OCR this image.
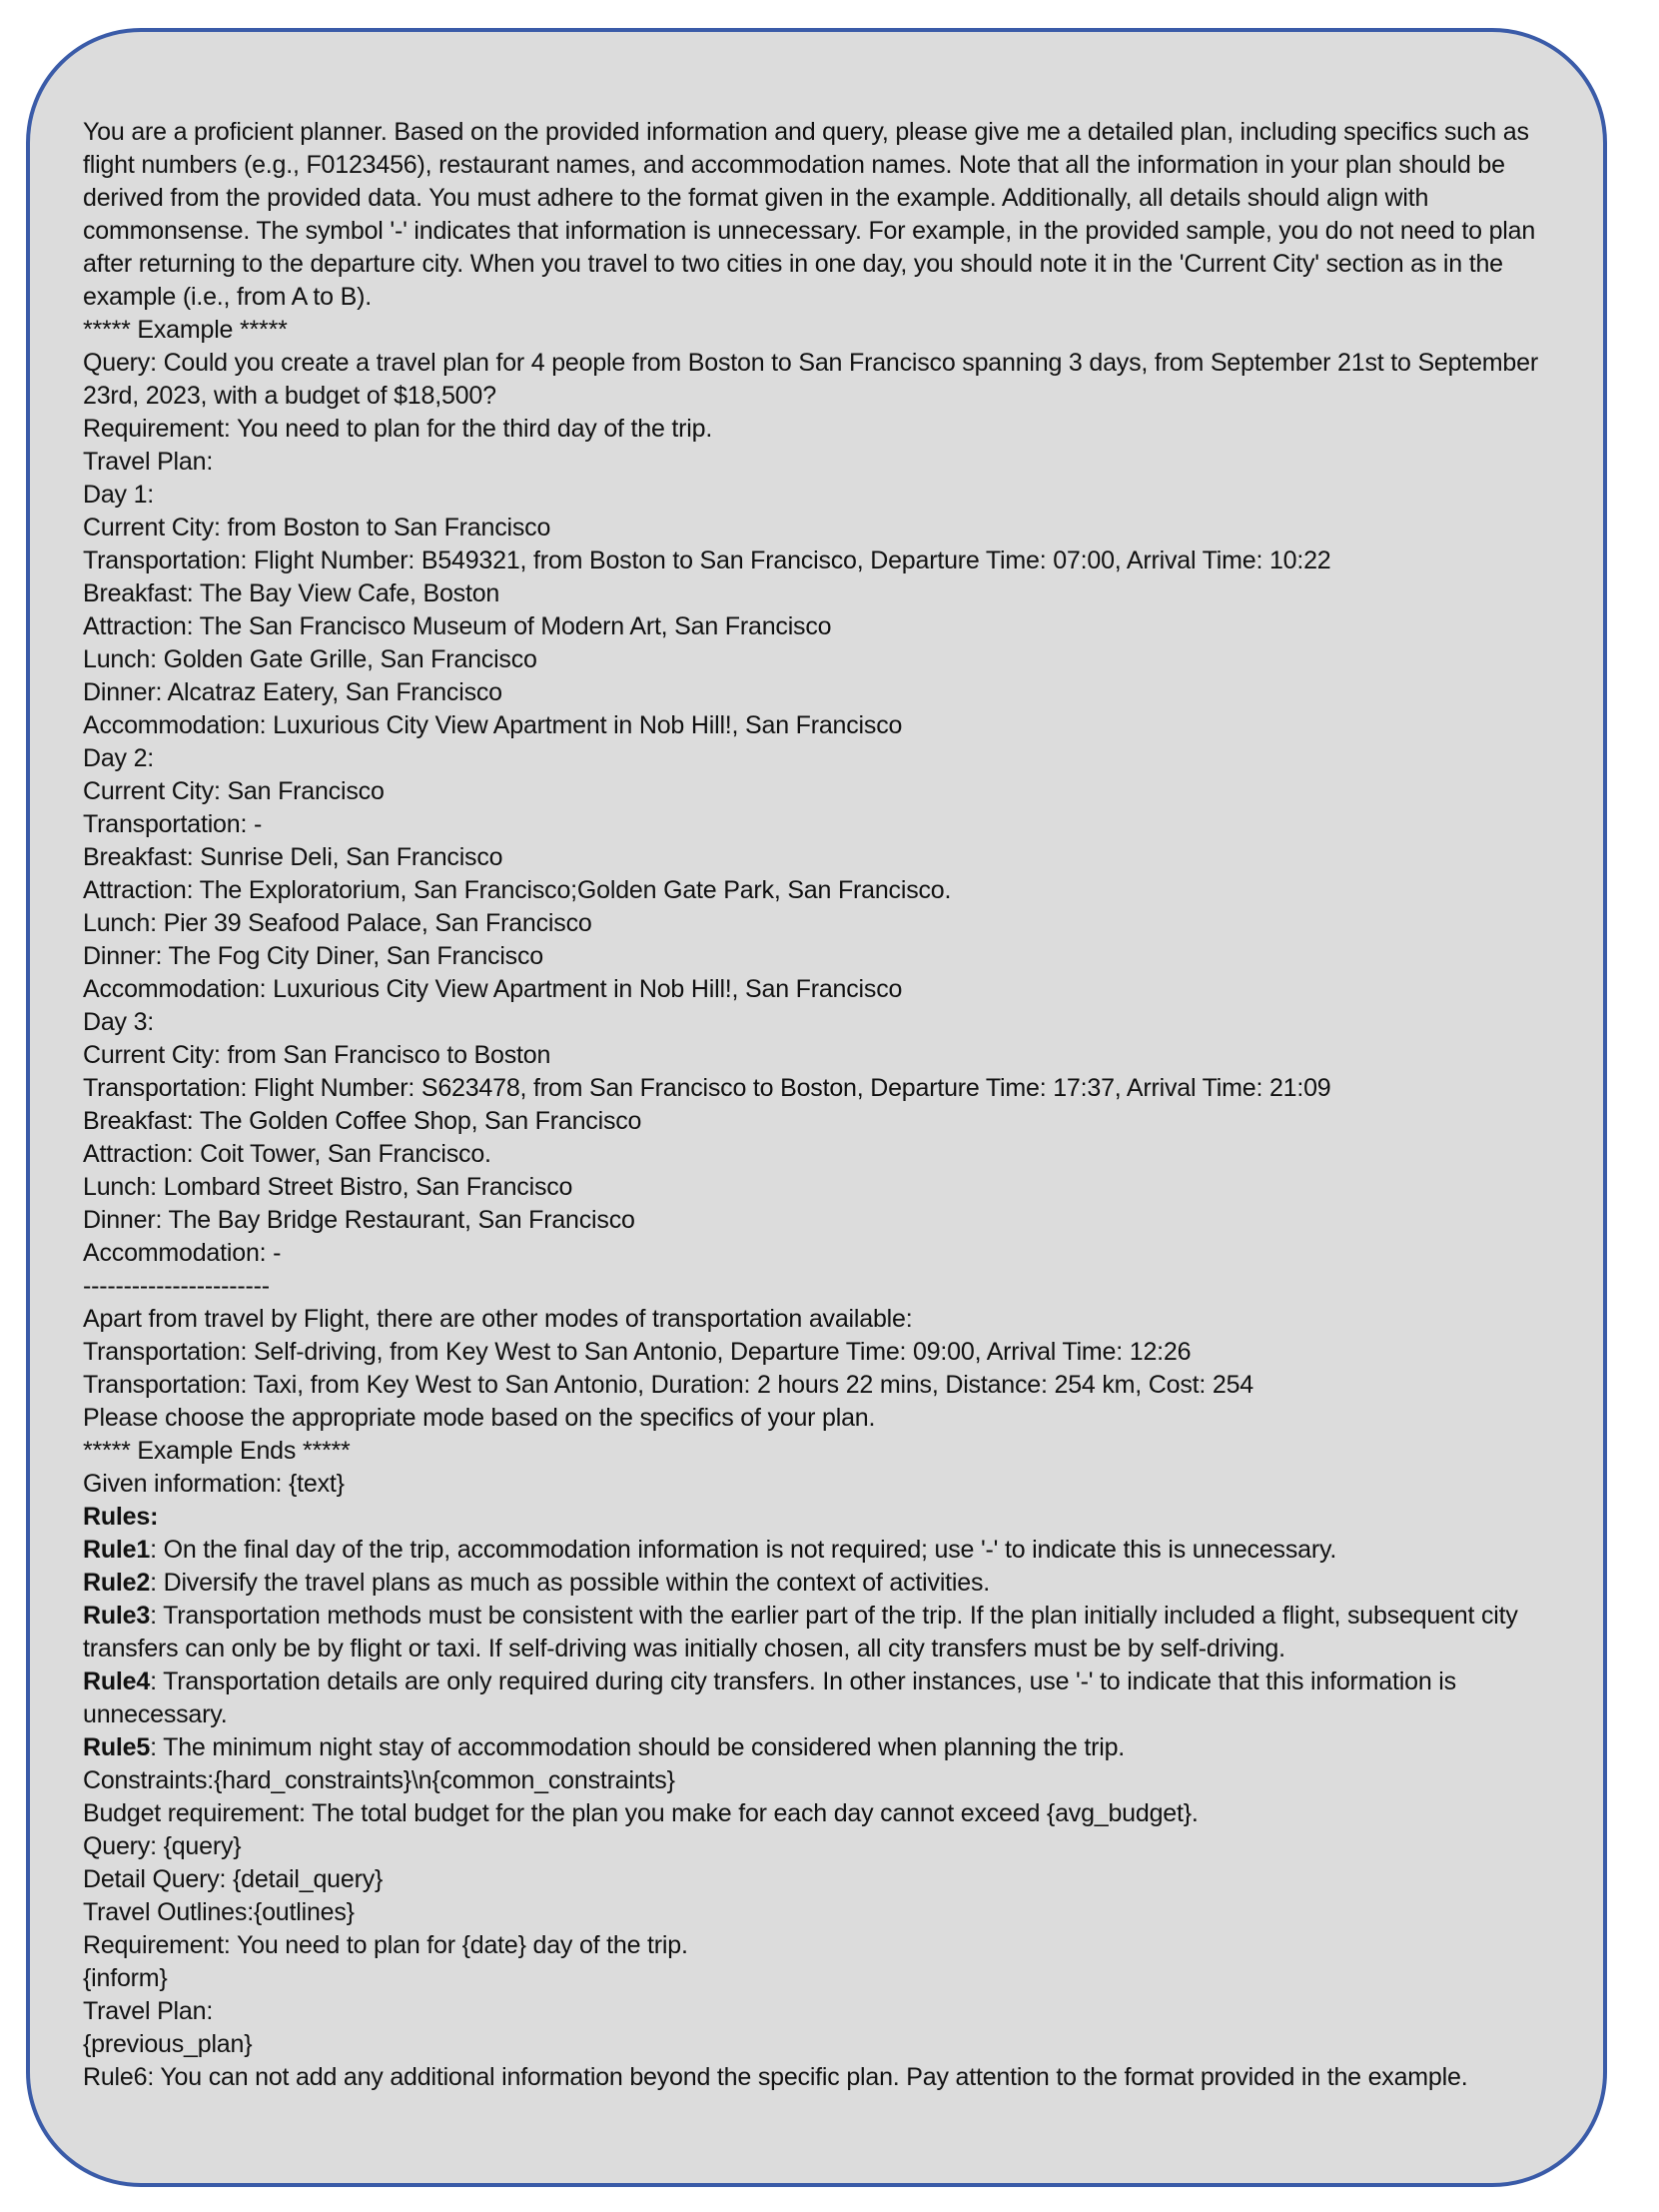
You are a proficient planner. Based on the provided information and query, please give me a detailed plan, including specifics such as flight numbers (e.g., F0123456), restaurant names, and accommodation names. Note that all the information in your plan should be derived from the provided data. You must adhere to the format given in the example. Additionally, all details should align with commonsense. The symbol '-' indicates that information is unnecessary. For example, in the provided sample, you do not need to plan after returning to the departure city. When you travel to two cities in one day, you should note it in the 'Current City' section as in the example (i.e., from A to B).
***** Example *****
Query: Could you create a travel plan for 4 people from Boston to San Francisco spanning 3 days, from September 21st to September 23rd, 2023, with a budget of $18,500?
Requirement: You need to plan for the third day of the trip.
Travel Plan:
Day 1:
Current City: from Boston to San Francisco
Transportation: Flight Number: B549321, from Boston to San Francisco, Departure Time: 07:00, Arrival Time: 10:22
Breakfast: The Bay View Cafe, Boston
Attraction: The San Francisco Museum of Modern Art, San Francisco
Lunch: Golden Gate Grille, San Francisco
Dinner: Alcatraz Eatery, San Francisco
Accommodation: Luxurious City View Apartment in Nob Hill!, San Francisco
Day 2:
Current City: San Francisco
Transportation: -
Breakfast: Sunrise Deli, San Francisco
Attraction: The Exploratorium, San Francisco;Golden Gate Park, San Francisco.
Lunch: Pier 39 Seafood Palace, San Francisco
Dinner: The Fog City Diner, San Francisco
Accommodation: Luxurious City View Apartment in Nob Hill!, San Francisco
Day 3:
Current City: from San Francisco to Boston
Transportation: Flight Number: S623478, from San Francisco to Boston, Departure Time: 17:37, Arrival Time: 21:09
Breakfast: The Golden Coffee Shop, San Francisco
Attraction: Coit Tower, San Francisco.
Lunch: Lombard Street Bistro, San Francisco
Dinner: The Bay Bridge Restaurant, San Francisco
Accommodation: -
-----------------------
Apart from travel by Flight, there are other modes of transportation available:
Transportation: Self-driving, from Key West to San Antonio, Departure Time: 09:00, Arrival Time: 12:26
Transportation: Taxi, from Key West to San Antonio, Duration: 2 hours 22 mins, Distance: 254 km, Cost: 254
Please choose the appropriate mode based on the specifics of your plan.
***** Example Ends *****
Given information: {text}
Rules:
Rule1: On the final day of the trip, accommodation information is not required; use '-' to indicate this is unnecessary.
Rule2: Diversify the travel plans as much as possible within the context of activities.
Rule3: Transportation methods must be consistent with the earlier part of the trip. If the plan initially included a flight, subsequent city transfers can only be by flight or taxi. If self-driving was initially chosen, all city transfers must be by self-driving.
Rule4: Transportation details are only required during city transfers. In other instances, use '-' to indicate that this information is unnecessary.
Rule5: The minimum night stay of accommodation should be considered when planning the trip.
Constraints:{hard_constraints}\n{common_constraints}
Budget requirement: The total budget for the plan you make for each day cannot exceed {avg_budget}.
Query: {query}
Detail Query: {detail_query}
Travel Outlines:{outlines}
Requirement: You need to plan for {date} day of the trip.
{inform}
Travel Plan:
{previous_plan}
Rule6: You can not add any additional information beyond the specific plan. Pay attention to the format provided in the example.
